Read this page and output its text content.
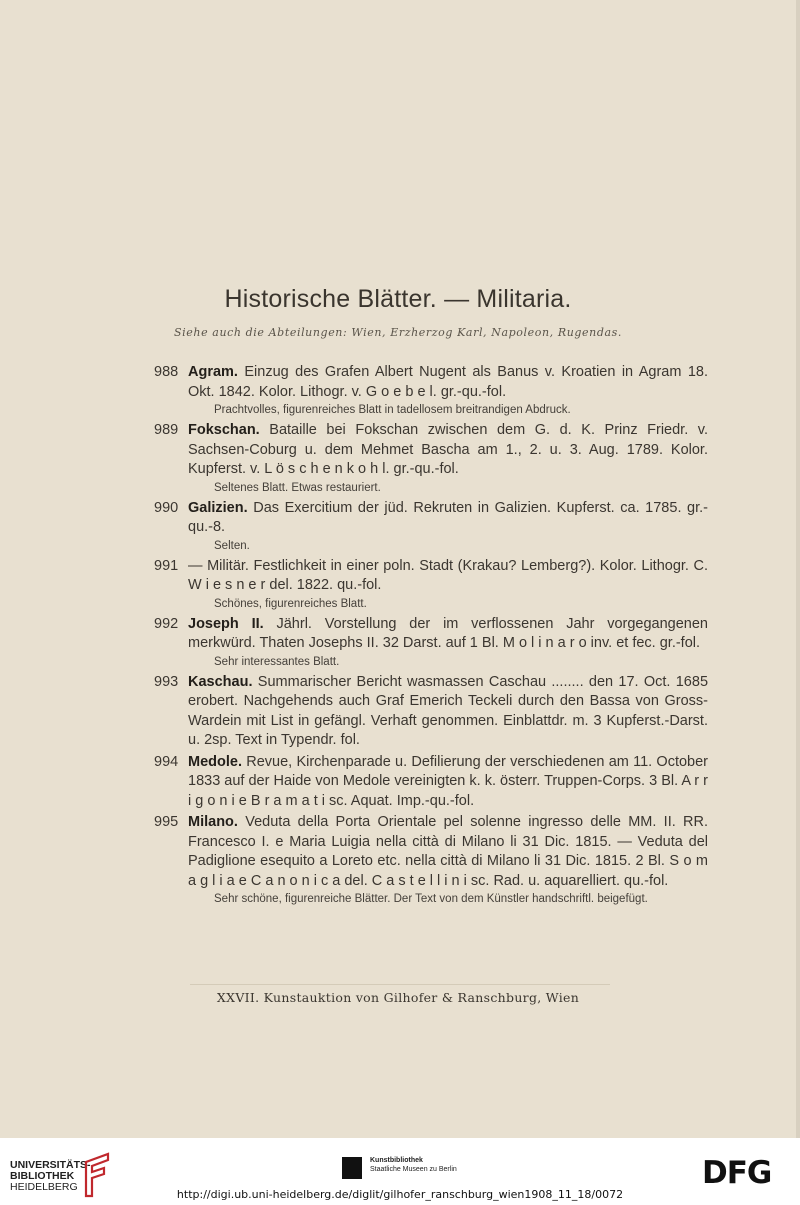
Historische Blätter. — Militaria.
Siehe auch die Abteilungen: Wien, Erzherzog Karl, Napoleon, Rugendas.
988 Agram. Einzug des Grafen Albert Nugent als Banus v. Kroatien in Agram 18. Okt. 1842. Kolor. Lithogr. v. G o e b e l. gr.-qu.-fol.
Prachtvolles, figurenreiches Blatt in tadellosem breitrandigen Abdruck.
989 Fokschan. Bataille bei Fokschan zwischen dem G. d. K. Prinz Friedr. v. Sachsen-Coburg u. dem Mehmet Bascha am 1., 2. u. 3. Aug. 1789. Kolor. Kupferst. v. L ö s c h e n k o h l. gr.-qu.-fol.
Seltenes Blatt. Etwas restauriert.
990 Galizien. Das Exercitium der jüd. Rekruten in Galizien. Kupferst. ca. 1785. gr.-qu.-8.
Selten.
991 — Militär. Festlichkeit in einer poln. Stadt (Krakau? Lemberg?). Kolor. Lithogr. C. W i e s n e r del. 1822. qu.-fol.
Schönes, figurenreiches Blatt.
992 Joseph II. Jährl. Vorstellung der im verflossenen Jahr vorgegangenen merkwürd. Thaten Josephs II. 32 Darst. auf 1 Bl. M o l i n a r o inv. et fec. gr.-fol.
Sehr interessantes Blatt.
993 Kaschau. Summarischer Bericht wasmassen Caschau ........ den 17. Oct. 1685 erobert. Nachgehends auch Graf Emerich Teckeli durch den Bassa von Gross-Wardein mit List in gefängl. Verhaft genommen. Einblattdr. m. 3 Kupferst.-Darst. u. 2sp. Text in Typendr. fol.
994 Medole. Revue, Kirchenparade u. Defilierung der verschiedenen am 11. October 1833 auf der Haide von Medole vereinigten k. k. österr. Truppen-Corps. 3 Bl. A r r i g o n i e B r a m a t i sc. Aquat. Imp.-qu.-fol.
995 Milano. Veduta della Porta Orientale pel solenne ingresso delle MM. II. RR. Francesco I. e Maria Luigia nella città di Milano li 31 Dic. 1815. — Veduta del Padiglione esequito a Loreto etc. nella città di Milano li 31 Dic. 1815. 2 Bl. S o m a g l i a e C a n o n i c a del. C a s t e l l i n i sc. Rad. u. aquarelliert. qu.-fol.
Sehr schöne, figurenreiche Blätter. Der Text von dem Künstler handschriftl. beigefügt.
XXVII. Kunstauktion von Gilhofer & Ranschburg, Wien
UNIVERSITÄTS-
BIBLIOTHEK
HEIDELBERG
Kunstbibliothek
Staatliche Museen zu Berlin	DFG
http://digi.ub.uni-heidelberg.de/diglit/gilhofer_ranschburg_wien1908_11_18/0072
